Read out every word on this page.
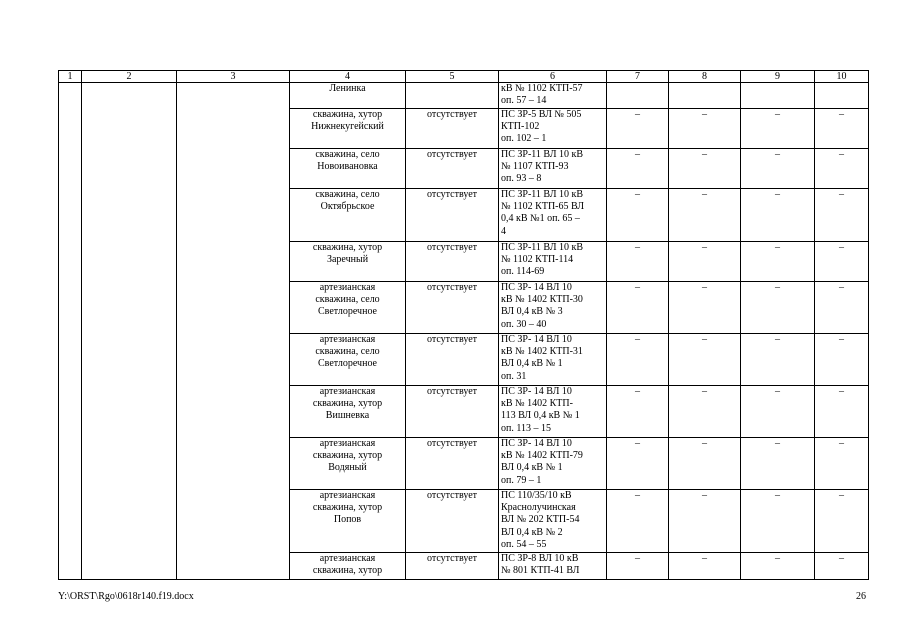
1	2	3	4	5	6	7	8	9	10
			Ленинка		кВ № 1102 КТП-57
оп. 57 – 14				
			скважина, хутор
Нижнекугейский	отсутствует	ПС ЗР-5 ВЛ № 505
КТП-102
оп. 102 – 1	–	–	–	–
			скважина, село
Новоивановка	отсутствует	ПС ЗР-11 ВЛ 10 кВ
№ 1107 КТП-93
оп. 93 – 8	–	–	–	–
			скважина, село
Октябрьское	отсутствует	ПС ЗР-11 ВЛ 10 кВ
№ 1102 КТП-65 ВЛ
0,4 кВ №1 оп. 65 –
4	–	–	–	–
			скважина, хутор
Заречный	отсутствует	ПС ЗР-11 ВЛ 10 кВ
№ 1102 КТП-114
оп. 114-69	–	–	–	–
			артезианская
скважина, село
Светлоречное	отсутствует	ПС ЗР- 14 ВЛ 10
кВ № 1402 КТП-30
ВЛ 0,4 кВ № 3
оп. 30 – 40	–	–	–	–
			артезианская
скважина, село
Светлоречное	отсутствует	ПС ЗР- 14 ВЛ 10
кВ № 1402 КТП-31
ВЛ 0,4 кВ № 1
оп. 31	–	–	–	–
			артезианская
скважина, хутор
Вишневка	отсутствует	ПС ЗР- 14 ВЛ 10
кВ № 1402 КТП-
113 ВЛ 0,4 кВ № 1
оп. 113 – 15	–	–	–	–
			артезианская
скважина, хутор
Водяный	отсутствует	ПС ЗР- 14 ВЛ 10
кВ № 1402 КТП-79
ВЛ 0,4 кВ № 1
оп. 79 – 1	–	–	–	–
			артезианская
скважина, хутор
Попов	отсутствует	ПС 110/35/10 кВ
Краснолучинская
ВЛ № 202 КТП-54
ВЛ 0,4 кВ № 2
оп. 54 – 55	–	–	–	–
			артезианская
скважина, хутор	отсутствует	ПС ЗР-8 ВЛ 10 кВ
№ 801 КТП-41 ВЛ	–	–	–	–
Y:\ORST\Rgo\0618r140.f19.docx	26
